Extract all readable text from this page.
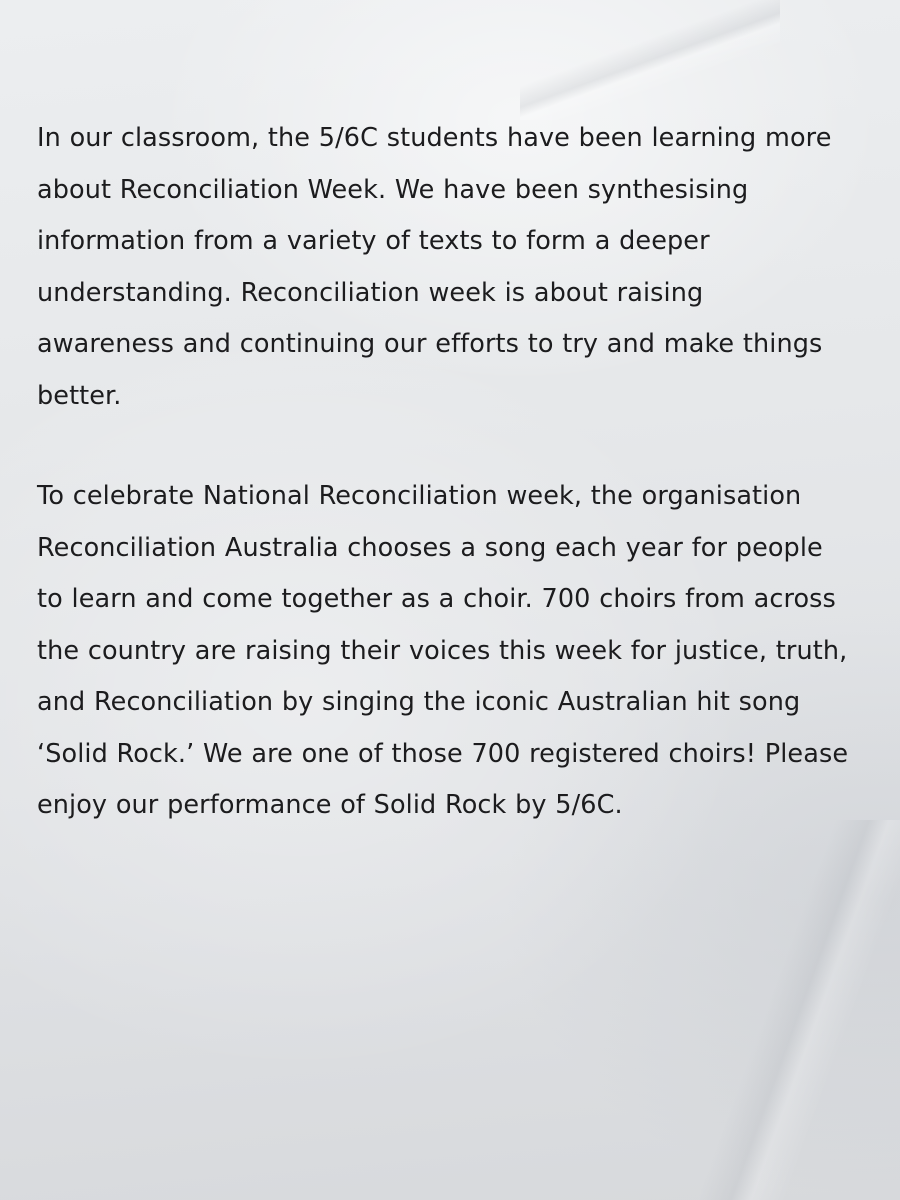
In our classroom, the 5/6C students have been learning more
about Reconciliation Week. We have been synthesising
information from a variety of texts to form a deeper
understanding. Reconciliation week is about raising
awareness and continuing our efforts to try and make things
better.
To celebrate National Reconciliation week, the organisation
Reconciliation Australia chooses a song each year for people
to learn and come together as a choir. 700 choirs from across
the country are raising their voices this week for justice, truth,
and Reconciliation by singing the iconic Australian hit song
‘Solid Rock.’ We are one of those 700 registered choirs! Please
enjoy our performance of Solid Rock by 5/6C.
